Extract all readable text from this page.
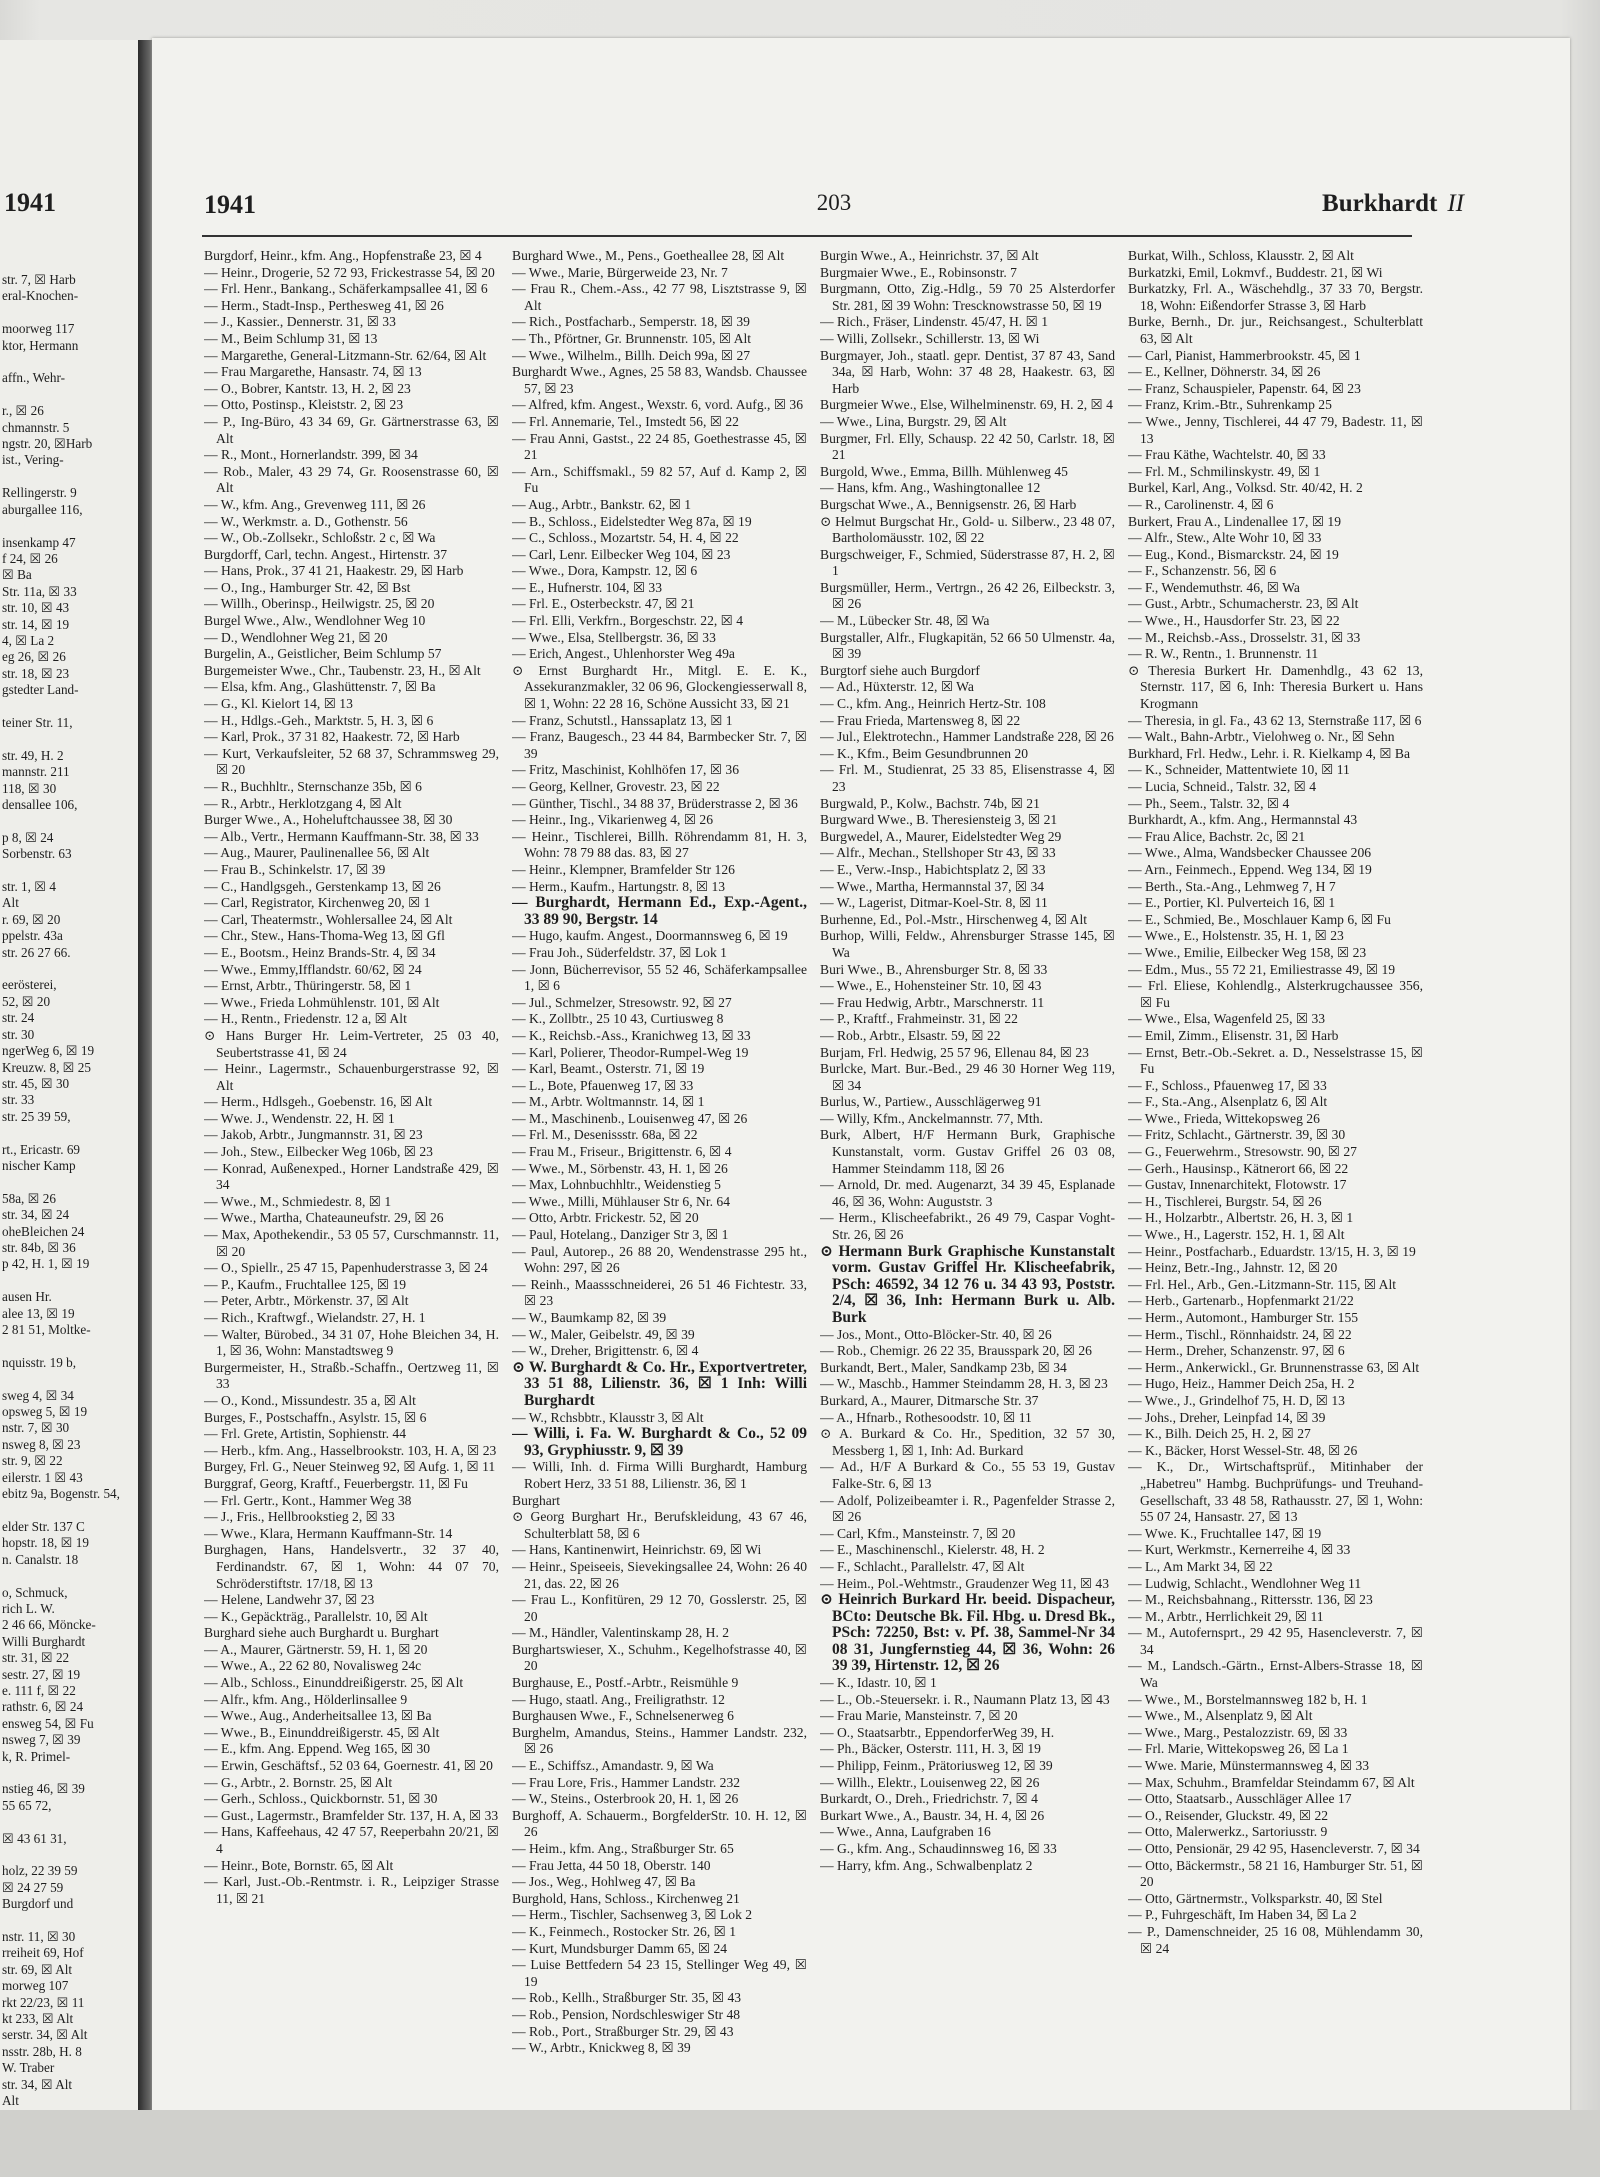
1941
str. 7, ☒ Harb
eral-Knochen-

moorweg 117
ktor, Hermann

affn., Wehr-

r., ☒ 26
chmannstr. 5
ngstr. 20, ☒Harb
ist., Vering-

Rellingerstr. 9
aburgallee 116,

insenkamp 47
f 24, ☒ 26
☒ Ba
Str. 11a, ☒ 33
str. 10, ☒ 43
str. 14, ☒ 19
4, ☒ La 2
eg 26, ☒ 26
str. 18, ☒ 23
gstedter Land-

teiner Str. 11,

str. 49, H. 2
mannstr. 211
118, ☒ 30
densallee 106,

p 8, ☒ 24
Sorbenstr. 63

str. 1, ☒ 4
Alt
r. 69, ☒ 20
ppelstr. 43a
str. 26 27 66.

eerösterei,
52, ☒ 20
str. 24
str. 30
ngerWeg 6, ☒ 19
Kreuzw. 8, ☒ 25
str. 45, ☒ 30
str. 33
str. 25 39 59,

rt., Ericastr. 69
nischer Kamp

58a, ☒ 26
str. 34, ☒ 24
oheBleichen 24
str. 84b, ☒ 36
p 42, H. 1, ☒ 19

ausen Hr.
alee 13, ☒ 19
2 81 51, Moltke-

nquisstr. 19 b,

sweg 4, ☒ 34
opsweg 5, ☒ 19
nstr. 7, ☒ 30
nsweg 8, ☒ 23
str. 9, ☒ 22
eilerstr. 1 ☒ 43
ebitz 9a, Bogenstr. 54,

elder Str. 137 C
hopstr. 18, ☒ 19
n. Canalstr. 18

o, Schmuck,
rich L. W.
2 46 66, Möncke-
Willi Burghardt
str. 31, ☒ 22
sestr. 27, ☒ 19
e. 111 f, ☒ 22
rathstr. 6, ☒ 24
ensweg 54, ☒ Fu
nsweg 7, ☒ 39
k, R. Primel-

nstieg 46, ☒ 39
55 65 72,

☒ 43 61 31,

holz, 22 39 59
☒ 24 27 59
Burgdorf und

nstr. 11, ☒ 30
rreiheit 69, Hof
str. 69, ☒ Alt
morweg 107
rkt 22/23, ☒ 11
kt 233, ☒ Alt
serstr. 34, ☒ Alt
nsstr. 28b, H. 8
W. Traber
str. 34, ☒ Alt
Alt
1941	203	Burkhardt II

Burgdorf, Heinr., kfm. Ang., Hopfenstraße 23, ☒ 4

— Heinr., Drogerie, 52 72 93, Frickestrasse 54, ☒ 20

— Frl. Henr., Bankang., Schäferkampsallee 41, ☒ 6

— Herm., Stadt-Insp., Perthesweg 41, ☒ 26

— J., Kassier., Dennerstr. 31, ☒ 33

— M., Beim Schlump 31, ☒ 13

— Margarethe, General-Litzmann-Str. 62/64, ☒ Alt

— Frau Margarethe, Hansastr. 74, ☒ 13

— O., Bobrer, Kantstr. 13, H. 2, ☒ 23

— Otto, Postinsp., Kleiststr. 2, ☒ 23

— P., Ing-Büro, 43 34 69, Gr. Gärtnerstrasse 63, ☒ Alt

— R., Mont., Hornerlandstr. 399, ☒ 34

— Rob., Maler, 43 29 74, Gr. Roosenstrasse 60, ☒ Alt

— W., kfm. Ang., Grevenweg 111, ☒ 26

— W., Werkmstr. a. D., Gothenstr. 56

— W., Ob.-Zollsekr., Schloßstr. 2 c, ☒ Wa

Burgdorff, Carl, techn. Angest., Hirtenstr. 37

— Hans, Prok., 37 41 21, Haakestr. 29, ☒ Harb

— O., Ing., Hamburger Str. 42, ☒ Bst

— Willh., Oberinsp., Heilwigstr. 25, ☒ 20

Burgel Wwe., Alw., Wendlohner Weg 10

— D., Wendlohner Weg 21, ☒ 20

Burgelin, A., Geistlicher, Beim Schlump 57

Burgemeister Wwe., Chr., Taubenstr. 23, H., ☒ Alt

— Elsa, kfm. Ang., Glashüttenstr. 7, ☒ Ba

— G., Kl. Kielort 14, ☒ 13

— H., Hdlgs.-Geh., Marktstr. 5, H. 3, ☒ 6

— Karl, Prok., 37 31 82, Haakestr. 72, ☒ Harb

— Kurt, Verkaufsleiter, 52 68 37, Schrammsweg 29, ☒ 20

— R., Buchhltr., Sternschanze 35b, ☒ 6

— R., Arbtr., Herklotzgang 4, ☒ Alt

Burger Wwe., A., Hoheluftchaussee 38, ☒ 30

— Alb., Vertr., Hermann Kauffmann-Str. 38, ☒ 33

— Aug., Maurer, Paulinenallee 56, ☒ Alt

— Frau B., Schinkelstr. 17, ☒ 39

— C., Handlgsgeh., Gerstenkamp 13, ☒ 26

— Carl, Registrator, Kirchenweg 20, ☒ 1

— Carl, Theatermstr., Wohlersallee 24, ☒ Alt

— Chr., Stew., Hans-Thoma-Weg 13, ☒ Gfl

— E., Bootsm., Heinz Brands-Str. 4, ☒ 34

— Wwe., Emmy,Ifflandstr. 60/62, ☒ 24

— Ernst, Arbtr., Thüringerstr. 58, ☒ 1

— Wwe., Frieda Lohmühlenstr. 101, ☒ Alt

— H., Rentn., Friedenstr. 12 a, ☒ Alt

⊙ Hans Burger Hr. Leim-Vertreter, 25 03 40, Seubertstrasse 41, ☒ 24

— Heinr., Lagermstr., Schauenburgerstrasse 92, ☒ Alt

— Herm., Hdlsgeh., Goebenstr. 16, ☒ Alt

— Wwe. J., Wendenstr. 22, H. ☒ 1

— Jakob, Arbtr., Jungmannstr. 31, ☒ 23

— Joh., Stew., Eilbecker Weg 106b, ☒ 23

— Konrad, Außenexped., Horner Landstraße 429, ☒ 34

— Wwe., M., Schmiedestr. 8, ☒ 1

— Wwe., Martha, Chateauneufstr. 29, ☒ 26

— Max, Apothekendir., 53 05 57, Curschmannstr. 11, ☒ 20

— O., Spiellr., 25 47 15, Papenhuderstrasse 3, ☒ 24

— P., Kaufm., Fruchtallee 125, ☒ 19

— Peter, Arbtr., Mörkenstr. 37, ☒ Alt

— Rich., Kraftwgf., Wielandstr. 27, H. 1

— Walter, Bürobed., 34 31 07, Hohe Bleichen 34, H. 1, ☒ 36, Wohn: Manstadtsweg 9

Burgermeister, H., Straßb.-Schaffn., Oertzweg 11, ☒ 33

— O., Kond., Missundestr. 35 a, ☒ Alt

Burges, F., Postschaffn., Asylstr. 15, ☒ 6

— Frl. Grete, Artistin, Sophienstr. 44

— Herb., kfm. Ang., Hasselbrookstr. 103, H. A, ☒ 23

Burgey, Frl. G., Neuer Steinweg 92, ☒ Aufg. 1, ☒ 11

Burggraf, Georg, Kraftf., Feuerbergstr. 11, ☒ Fu

— Frl. Gertr., Kont., Hammer Weg 38

— J., Fris., Hellbrookstieg 2, ☒ 33

— Wwe., Klara, Hermann Kauffmann-Str. 14

Burghagen, Hans, Handelsvertr., 32 37 40, Ferdinandstr. 67, ☒ 1, Wohn: 44 07 70, Schröderstiftstr. 17/18, ☒ 13

— Helene, Landwehr 37, ☒ 23

— K., Gepäckträg., Parallelstr. 10, ☒ Alt

Burghard siehe auch Burghardt u. Burghart

— A., Maurer, Gärtnerstr. 59, H. 1, ☒ 20

— Wwe., A., 22 62 80, Novalisweg 24c

— Alb., Schloss., Einunddreißigerstr. 25, ☒ Alt

— Alfr., kfm. Ang., Hölderlinsallee 9

— Wwe., Aug., Anderheitsallee 13, ☒ Ba

— Wwe., B., Einunddreißigerstr. 45, ☒ Alt

— E., kfm. Ang. Eppend. Weg 165, ☒ 30

— Erwin, Geschäftsf., 52 03 64, Goernestr. 41, ☒ 20

— G., Arbtr., 2. Bornstr. 25, ☒ Alt

— Gerh., Schloss., Quickbornstr. 51, ☒ 30

— Gust., Lagermstr., Bramfelder Str. 137, H. A, ☒ 33

— Hans, Kaffeehaus, 42 47 57, Reeperbahn 20/21, ☒ 4

— Heinr., Bote, Bornstr. 65, ☒ Alt

— Karl, Just.-Ob.-Rentmstr. i. R., Leipziger Strasse 11, ☒ 21

Burghard Wwe., M., Pens., Goetheallee 28, ☒ Alt

— Wwe., Marie, Bürgerweide 23, Nr. 7

— Frau R., Chem.-Ass., 42 77 98, Lisztstrasse 9, ☒ Alt

— Rich., Postfacharb., Semperstr. 18, ☒ 39

— Th., Pförtner, Gr. Brunnenstr. 105, ☒ Alt

— Wwe., Wilhelm., Billh. Deich 99a, ☒ 27

Burghardt Wwe., Agnes, 25 58 83, Wandsb. Chaussee 57, ☒ 23

— Alfred, kfm. Angest., Wexstr. 6, vord. Aufg., ☒ 36

— Frl. Annemarie, Tel., Imstedt 56, ☒ 22

— Frau Anni, Gastst., 22 24 85, Goethestrasse 45, ☒ 21

— Arn., Schiffsmakl., 59 82 57, Auf d. Kamp 2, ☒ Fu

— Aug., Arbtr., Bankstr. 62, ☒ 1

— B., Schloss., Eidelstedter Weg 87a, ☒ 19

— C., Schloss., Mozartstr. 54, H. 4, ☒ 22

— Carl, Lenr. Eilbecker Weg 104, ☒ 23

— Wwe., Dora, Kampstr. 12, ☒ 6

— E., Hufnerstr. 104, ☒ 33

— Frl. E., Osterbeckstr. 47, ☒ 21

— Frl. Elli, Verkfrn., Borgeschstr. 22, ☒ 4

— Wwe., Elsa, Stellbergstr. 36, ☒ 33

— Erich, Angest., Uhlenhorster Weg 49a

⊙ Ernst Burghardt Hr., Mitgl. E. E. K., Assekuranzmakler, 32 06 96, Glockengiesserwall 8, ☒ 1, Wohn: 22 28 16, Schöne Aussicht 33, ☒ 21

— Franz, Schutstl., Hanssaplatz 13, ☒ 1

— Franz, Baugesch., 23 44 84, Barmbecker Str. 7, ☒ 39

— Fritz, Maschinist, Kohlhöfen 17, ☒ 36

— Georg, Kellner, Grovestr. 23, ☒ 22

— Günther, Tischl., 34 88 37, Brüderstrasse 2, ☒ 36

— Heinr., Ing., Vikarienweg 4, ☒ 26

— Heinr., Tischlerei, Billh. Röhrendamm 81, H. 3, Wohn: 78 79 88 das. 83, ☒ 27

— Heinr., Klempner, Bramfelder Str 126

— Herm., Kaufm., Hartungstr. 8, ☒ 13

— Burghardt, Hermann Ed., Exp.-Agent., 33 89 90, Bergstr. 14

— Hugo, kaufm. Angest., Doormannsweg 6, ☒ 19

— Frau Joh., Süderfeldstr. 37, ☒ Lok 1

— Jonn, Bücherrevisor, 55 52 46, Schäferkampsallee 1, ☒ 6

— Jul., Schmelzer, Stresowstr. 92, ☒ 27

— K., Zollbtr., 25 10 43, Curtiusweg 8

— K., Reichsb.-Ass., Kranichweg 13, ☒ 33

— Karl, Polierer, Theodor-Rumpel-Weg 19

— Karl, Beamt., Osterstr. 71, ☒ 19

— L., Bote, Pfauenweg 17, ☒ 33

— M., Arbtr. Woltmannstr. 14, ☒ 1

— M., Maschinenb., Louisenweg 47, ☒ 26

— Frl. M., Desenissstr. 68a, ☒ 22

— Frau M., Friseur., Brigittenstr. 6, ☒ 4

— Wwe., M., Sörbenstr. 43, H. 1, ☒ 26

— Max, Lohnbuchhltr., Weidenstieg 5

— Wwe., Milli, Mühlauser Str 6, Nr. 64

— Otto, Arbtr. Frickestr. 52, ☒ 20

— Paul, Hotelang., Danziger Str 3, ☒ 1

— Paul, Autorep., 26 88 20, Wendenstrasse 295 ht., Wohn: 297, ☒ 26

— Reinh., Maassschneiderei, 26 51 46 Fichtestr. 33, ☒ 23

— W., Baumkamp 82, ☒ 39

— W., Maler, Geibelstr. 49, ☒ 39

— W., Dreher, Brigittenstr. 6, ☒ 4

⊙ W. Burghardt & Co. Hr., Exportvertreter, 33 51 88, Lilienstr. 36, ☒ 1 Inh: Willi Burghardt

— W., Rchsbbtr., Klausstr 3, ☒ Alt

— Willi, i. Fa. W. Burghardt & Co., 52 09 93, Gryphiusstr. 9, ☒ 39

— Willi, Inh. d. Firma Willi Burghardt, Hamburg Robert Herz, 33 51 88, Lilienstr. 36, ☒ 1

Burghart

⊙ Georg Burghart Hr., Berufskleidung, 43 67 46, Schulterblatt 58, ☒ 6

— Hans, Kantinenwirt, Heinrichstr. 69, ☒ Wi

— Heinr., Speiseeis, Sievekingsallee 24, Wohn: 26 40 21, das. 22, ☒ 26

— Frau L., Konfitüren, 29 12 70, Gosslerstr. 25, ☒ 20

— M., Händler, Valentinskamp 28, H. 2

Burghartswieser, X., Schuhm., Kegelhofstrasse 40, ☒ 20

Burghause, E., Postf.-Arbtr., Reismühle 9

— Hugo, staatl. Ang., Freiligrathstr. 12

Burghausen Wwe., F., Schnelsenerweg 6

Burghelm, Amandus, Steins., Hammer Landstr. 232, ☒ 26

— E., Schiffsz., Amandastr. 9, ☒ Wa

— Frau Lore, Fris., Hammer Landstr. 232

— W., Steins., Osterbrook 20, H. 1, ☒ 26

Burghoff, A. Schauerm., BorgfelderStr. 10. H. 12, ☒ 26

— Heim., kfm. Ang., Straßburger Str. 65

— Frau Jetta, 44 50 18, Oberstr. 140

— Jos., Weg., Hohlweg 47, ☒ Ba

Burghold, Hans, Schloss., Kirchenweg 21

— Herm., Tischler, Sachsenweg 3, ☒ Lok 2

— K., Feinmech., Rostocker Str. 26, ☒ 1

— Kurt, Mundsburger Damm 65, ☒ 24

— Luise Bettfedern 54 23 15, Stellinger Weg 49, ☒ 19

— Rob., Kellh., Straßburger Str. 35, ☒ 43

— Rob., Pension, Nordschleswiger Str 48

— Rob., Port., Straßburger Str. 29, ☒ 43

— W., Arbtr., Knickweg 8, ☒ 39

Burgin Wwe., A., Heinrichstr. 37, ☒ Alt

Burgmaier Wwe., E., Robinsonstr. 7

Burgmann, Otto, Zig.-Hdlg., 59 70 25 Alsterdorfer Str. 281, ☒ 39 Wohn: Trescknowstrasse 50, ☒ 19

— Rich., Fräser, Lindenstr. 45/47, H. ☒ 1

— Willi, Zollsekr., Schillerstr. 13, ☒ Wi

Burgmayer, Joh., staatl. gepr. Dentist, 37 87 43, Sand 34a, ☒ Harb, Wohn: 37 48 28, Haakestr. 63, ☒ Harb

Burgmeier Wwe., Else, Wilhelminenstr. 69, H. 2, ☒ 4

— Wwe., Lina, Burgstr. 29, ☒ Alt

Burgmer, Frl. Elly, Schausp. 22 42 50, Carlstr. 18, ☒ 21

Burgold, Wwe., Emma, Billh. Mühlenweg 45

— Hans, kfm. Ang., Washingtonallee 12

Burgschat Wwe., A., Bennigsenstr. 26, ☒ Harb

⊙ Helmut Burgschat Hr., Gold- u. Silberw., 23 48 07, Bartholomäusstr. 102, ☒ 22

Burgschweiger, F., Schmied, Süderstrasse 87, H. 2, ☒ 1

Burgsmüller, Herm., Vertrgn., 26 42 26, Eilbeckstr. 3, ☒ 26

— M., Lübecker Str. 48, ☒ Wa

Burgstaller, Alfr., Flugkapitän, 52 66 50 Ulmenstr. 4a, ☒ 39

Burgtorf siehe auch Burgdorf

— Ad., Hüxterstr. 12, ☒ Wa

— C., kfm. Ang., Heinrich Hertz-Str. 108

— Frau Frieda, Martensweg 8, ☒ 22

— Jul., Elektrotechn., Hammer Landstraße 228, ☒ 26

— K., Kfm., Beim Gesundbrunnen 20

— Frl. M., Studienrat, 25 33 85, Elisenstrasse 4, ☒ 23

Burgwald, P., Kolw., Bachstr. 74b, ☒ 21

Burgward Wwe., B. Theresiensteig 3, ☒ 21

Burgwedel, A., Maurer, Eidelstedter Weg 29

— Alfr., Mechan., Stellshoper Str 43, ☒ 33

— E., Verw.-Insp., Habichtsplatz 2, ☒ 33

— Wwe., Martha, Hermannstal 37, ☒ 34

— W., Lagerist, Ditmar-Koel-Str. 8, ☒ 11

Burhenne, Ed., Pol.-Mstr., Hirschenweg 4, ☒ Alt

Burhop, Willi, Feldw., Ahrensburger Strasse 145, ☒ Wa

Buri Wwe., B., Ahrensburger Str. 8, ☒ 33

— Wwe., E., Hohensteiner Str. 10, ☒ 43

— Frau Hedwig, Arbtr., Marschnerstr. 11

— P., Kraftf., Frahmeinstr. 31, ☒ 22

— Rob., Arbtr., Elsastr. 59, ☒ 22

Burjam, Frl. Hedwig, 25 57 96, Ellenau 84, ☒ 23

Burlcke, Mart. Bur.-Bed., 29 46 30 Horner Weg 119, ☒ 34

Burlus, W., Partiew., Ausschlägerweg 91

— Willy, Kfm., Anckelmannstr. 77, Mth.

Burk, Albert, H/F Hermann Burk, Graphische Kunstanstalt, vorm. Gustav Griffel 26 03 08, Hammer Steindamm 118, ☒ 26

— Arnold, Dr. med. Augenarzt, 34 39 45, Esplanade 46, ☒ 36, Wohn: Auguststr. 3

— Herm., Klischeefabrikt., 26 49 79, Caspar Voght-Str. 26, ☒ 26

⊙ Hermann Burk Graphische Kunstanstalt vorm. Gustav Griffel Hr. Klischeefabrik, PSch: 46592, 34 12 76 u. 34 43 93, Poststr. 2/4, ☒ 36, Inh: Hermann Burk u. Alb. Burk

— Jos., Mont., Otto-Blöcker-Str. 40, ☒ 26

— Rob., Chemigr. 26 22 35, Brausspark 20, ☒ 26

Burkandt, Bert., Maler, Sandkamp 23b, ☒ 34

— W., Maschb., Hammer Steindamm 28, H. 3, ☒ 23

Burkard, A., Maurer, Ditmarsche Str. 37

— A., Hfnarb., Rothesoodstr. 10, ☒ 11

⊙ A. Burkard & Co. Hr., Spedition, 32 57 30, Messberg 1, ☒ 1, Inh: Ad. Burkard

— Ad., H/F A Burkard & Co., 55 53 19, Gustav Falke-Str. 6, ☒ 13

— Adolf, Polizeibeamter i. R., Pagenfelder Strasse 2, ☒ 26

— Carl, Kfm., Mansteinstr. 7, ☒ 20

— E., Maschinenschl., Kielerstr. 48, H. 2

— F., Schlacht., Parallelstr. 47, ☒ Alt

— Heim., Pol.-Wehtmstr., Graudenzer Weg 11, ☒ 43

⊙ Heinrich Burkard Hr. beeid. Dispacheur, BCto: Deutsche Bk. Fil. Hbg. u. Dresd Bk., PSch: 72250, Bst: v. Pf. 38, Sammel-Nr 34 08 31, Jungfernstieg 44, ☒ 36, Wohn: 26 39 39, Hirtenstr. 12, ☒ 26

— K., Idastr. 10, ☒ 1

— L., Ob.-Steuersekr. i. R., Naumann Platz 13, ☒ 43

— Frau Marie, Mansteinstr. 7, ☒ 20

— O., Staatsarbtr., EppendorferWeg 39, H.

— Ph., Bäcker, Osterstr. 111, H. 3, ☒ 19

— Philipp, Feinm., Prätoriusweg 12, ☒ 39

— Willh., Elektr., Louisenweg 22, ☒ 26

Burkardt, O., Dreh., Friedrichstr. 7, ☒ 4

Burkart Wwe., A., Baustr. 34, H. 4, ☒ 26

— Wwe., Anna, Laufgraben 16

— G., kfm. Ang., Schaudinnsweg 16, ☒ 33

— Harry, kfm. Ang., Schwalbenplatz 2

Burkat, Wilh., Schloss, Klausstr. 2, ☒ Alt

Burkatzki, Emil, Lokmvf., Buddestr. 21, ☒ Wi

Burkatzky, Frl. A., Wäschehdlg., 37 33 70, Bergstr. 18, Wohn: Eißendorfer Strasse 3, ☒ Harb

Burke, Bernh., Dr. jur., Reichsangest., Schulterblatt 63, ☒ Alt

— Carl, Pianist, Hammerbrookstr. 45, ☒ 1

— E., Kellner, Döhnerstr. 34, ☒ 26

— Franz, Schauspieler, Papenstr. 64, ☒ 23

— Franz, Krim.-Btr., Suhrenkamp 25

— Wwe., Jenny, Tischlerei, 44 47 79, Badestr. 11, ☒ 13

— Frau Käthe, Wachtelstr. 40, ☒ 33

— Frl. M., Schmilinskystr. 49, ☒ 1

Burkel, Karl, Ang., Volksd. Str. 40/42, H. 2

— R., Carolinenstr. 4, ☒ 6

Burkert, Frau A., Lindenallee 17, ☒ 19

— Alfr., Stew., Alte Wohr 10, ☒ 33

— Eug., Kond., Bismarckstr. 24, ☒ 19

— F., Schanzenstr. 56, ☒ 6

— F., Wendemuthstr. 46, ☒ Wa

— Gust., Arbtr., Schumacherstr. 23, ☒ Alt

— Wwe., H., Hausdorfer Str. 23, ☒ 22

— M., Reichsb.-Ass., Drosselstr. 31, ☒ 33

— R. W., Rentn., 1. Brunnenstr. 11

⊙ Theresia Burkert Hr. Damenhdlg., 43 62 13, Sternstr. 117, ☒ 6, Inh: Theresia Burkert u. Hans Krogmann

— Theresia, in gl. Fa., 43 62 13, Sternstraße 117, ☒ 6

— Walt., Bahn-Arbtr., Vielohweg o. Nr., ☒ Sehn

Burkhard, Frl. Hedw., Lehr. i. R. Kielkamp 4, ☒ Ba

— K., Schneider, Mattentwiete 10, ☒ 11

— Lucia, Schneid., Talstr. 32, ☒ 4

— Ph., Seem., Talstr. 32, ☒ 4

Burkhardt, A., kfm. Ang., Hermannstal 43

— Frau Alice, Bachstr. 2c, ☒ 21

— Wwe., Alma, Wandsbecker Chaussee 206

— Arn., Feinmech., Eppend. Weg 134, ☒ 19

— Berth., Sta.-Ang., Lehmweg 7, H 7

— E., Portier, Kl. Pulverteich 16, ☒ 1

— E., Schmied, Be., Moschlauer Kamp 6, ☒ Fu

— Wwe., E., Holstenstr. 35, H. 1, ☒ 23

— Wwe., Emilie, Eilbecker Weg 158, ☒ 23

— Edm., Mus., 55 72 21, Emiliestrasse 49, ☒ 19

— Frl. Eliese, Kohlendlg., Alsterkrugchaussee 356, ☒ Fu

— Wwe., Elsa, Wagenfeld 25, ☒ 33

— Emil, Zimm., Elisenstr. 31, ☒ Harb

— Ernst, Betr.-Ob.-Sekret. a. D., Nesselstrasse 15, ☒ Fu

— F., Schloss., Pfauenweg 17, ☒ 33

— F., Sta.-Ang., Alsenplatz 6, ☒ Alt

— Wwe., Frieda, Wittekopsweg 26

— Fritz, Schlacht., Gärtnerstr. 39, ☒ 30

— G., Feuerwehrm., Stresowstr. 90, ☒ 27

— Gerh., Hausinsp., Kätnerort 66, ☒ 22

— Gustav, Innenarchitekt, Flotowstr. 17

— H., Tischlerei, Burgstr. 54, ☒ 26

— H., Holzarbtr., Albertstr. 26, H. 3, ☒ 1

— Wwe., H., Lagerstr. 152, H. 1, ☒ Alt

— Heinr., Postfacharb., Eduardstr. 13/15, H. 3, ☒ 19

— Heinz, Betr.-Ing., Jahnstr. 12, ☒ 20

— Frl. Hel., Arb., Gen.-Litzmann-Str. 115, ☒ Alt

— Herb., Gartenarb., Hopfenmarkt 21/22

— Herm., Automont., Hamburger Str. 155

— Herm., Tischl., Rönnhaidstr. 24, ☒ 22

— Herm., Dreher, Schanzenstr. 97, ☒ 6

— Herm., Ankerwickl., Gr. Brunnenstrasse 63, ☒ Alt

— Hugo, Heiz., Hammer Deich 25a, H. 2

— Wwe., J., Grindelhof 75, H. D, ☒ 13

— Johs., Dreher, Leinpfad 14, ☒ 39

— K., Bilh. Deich 25, H. 2, ☒ 27

— K., Bäcker, Horst Wessel-Str. 48, ☒ 26

— K., Dr., Wirtschaftsprüf., Mitinhaber der „Habetreu" Hambg. Buchprüfungs- und Treuhand-Gesellschaft, 33 48 58, Rathausstr. 27, ☒ 1, Wohn: 55 07 24, Hansastr. 27, ☒ 13

— Wwe. K., Fruchtallee 147, ☒ 19

— Kurt, Werkmstr., Kernerreihe 4, ☒ 33

— L., Am Markt 34, ☒ 22

— Ludwig, Schlacht., Wendlohner Weg 11

— M., Reichsbahnang., Rittersstr. 136, ☒ 23

— M., Arbtr., Herrlichkeit 29, ☒ 11

— M., Autofernsprt., 29 42 95, Hasencleverstr. 7, ☒ 34

— M., Landsch.-Gärtn., Ernst-Albers-Strasse 18, ☒ Wa

— Wwe., M., Borstelmannsweg 182 b, H. 1

— Wwe., M., Alsenplatz 9, ☒ Alt

— Wwe., Marg., Pestalozzistr. 69, ☒ 33

— Frl. Marie, Wittekopsweg 26, ☒ La 1

— Wwe. Marie, Münstermannsweg 4, ☒ 33

— Max, Schuhm., Bramfeldar Steindamm 67, ☒ Alt

— Otto, Staatsarb., Ausschläger Allee 17

— O., Reisender, Gluckstr. 49, ☒ 22

— Otto, Malerwerkz., Sartoriusstr. 9

— Otto, Pensionär, 29 42 95, Hasencleverstr. 7, ☒ 34

— Otto, Bäckermstr., 58 21 16, Hamburger Str. 51, ☒ 20

— Otto, Gärtnermstr., Volksparkstr. 40, ☒ Stel

— P., Fuhrgeschäft, Im Haben 34, ☒ La 2

— P., Damenschneider, 25 16 08, Mühlendamm 30, ☒ 24
